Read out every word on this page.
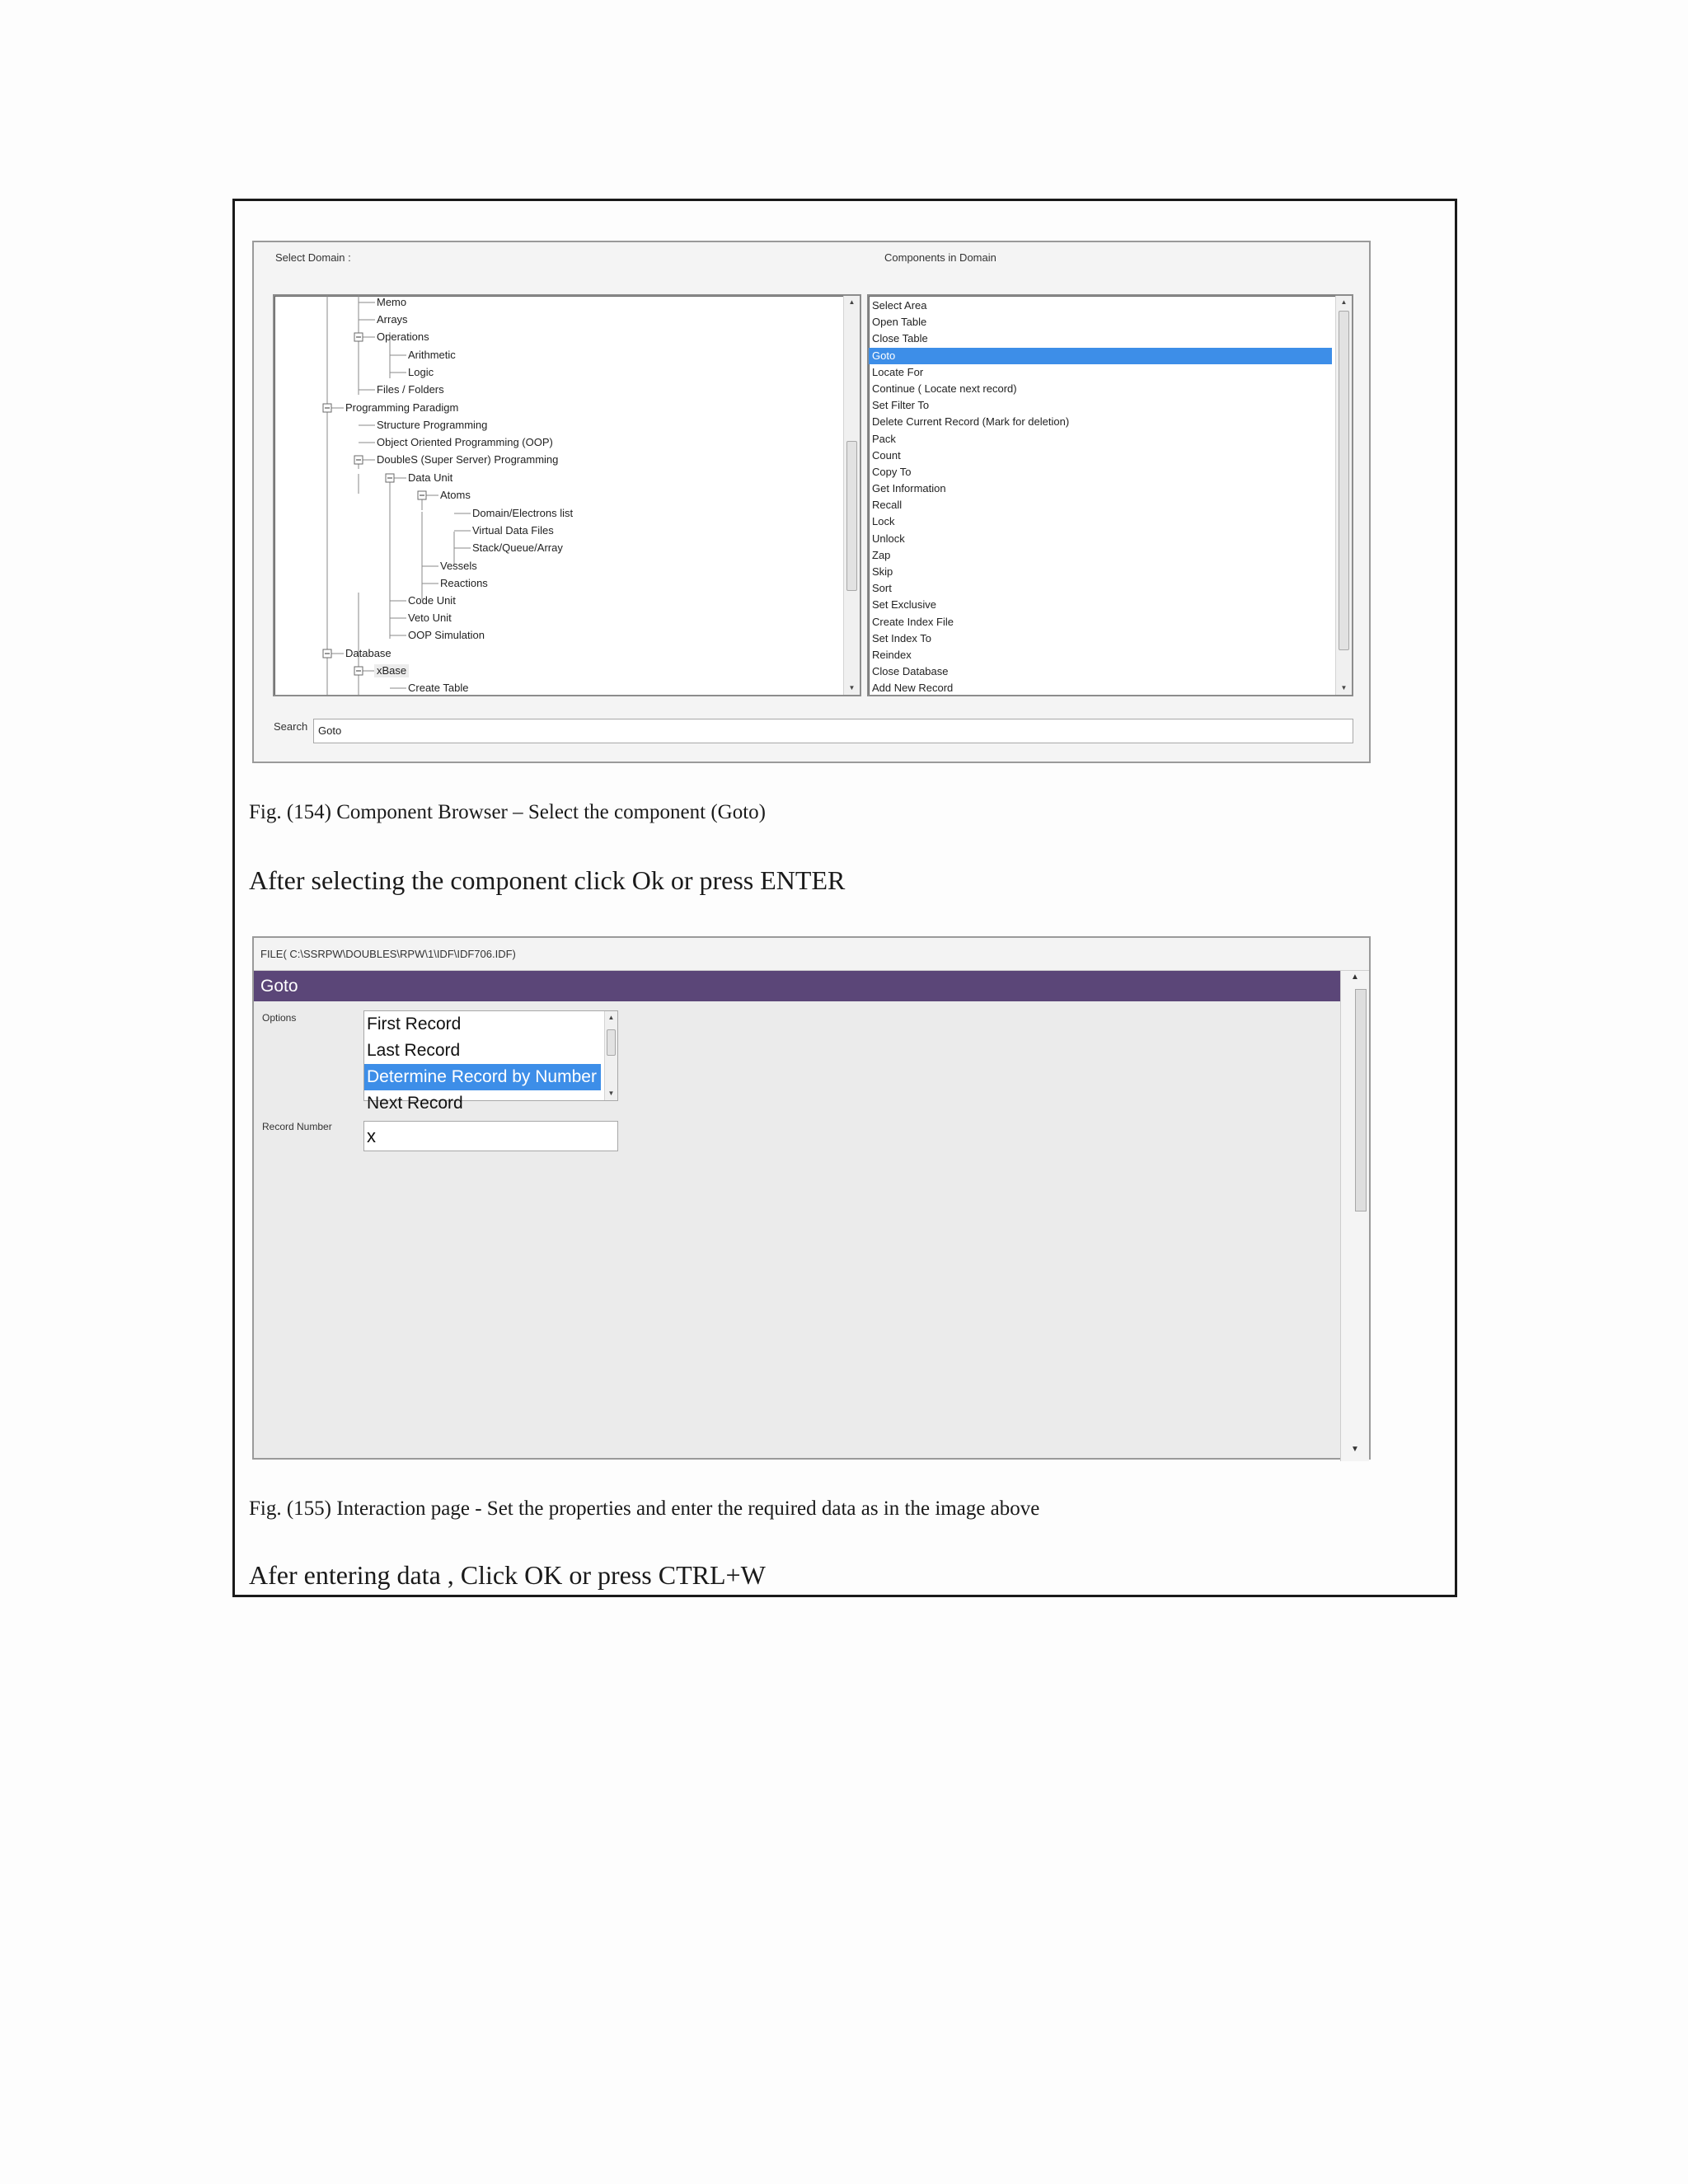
Select Domain :	Components in Domain
Memo
Arrays
Operations
Arithmetic
Logic
Files / Folders
Programming Paradigm
Structure Programming
Object Oriented Programming (OOP)
DoubleS (Super Server) Programming
Data Unit
Atoms
Domain/Electrons list
Virtual Data Files
Stack/Queue/Array
Vessels
Reactions
Code Unit
Veto Unit
OOP Simulation
Database
xBase
Create Table
▲
▼
Select Area
Open Table
Close Table
Goto
Locate For
Continue ( Locate next record)
Set Filter To
Delete Current Record (Mark for deletion)
Pack
Count
Copy To
Get Information
Recall
Lock
Unlock
Zap
Skip
Sort
Set Exclusive
Create Index File
Set Index To
Reindex
Close Database
Add New Record
▲
▼
Search Goto
Fig. (154) Component Browser – Select the component (Goto)
After selecting the component click Ok or press ENTER
FILE( C:\SSRPW\DOUBLES\RPW\1\IDF\IDF706.IDF)
Goto
Options	First Record
Last Record
Determine Record by Number
Next Record
▲
▼
Record Number x
▲
▼
Fig. (155) Interaction page - Set the properties and enter the required data as in the image above
Afer entering data , Click OK or press CTRL+W
